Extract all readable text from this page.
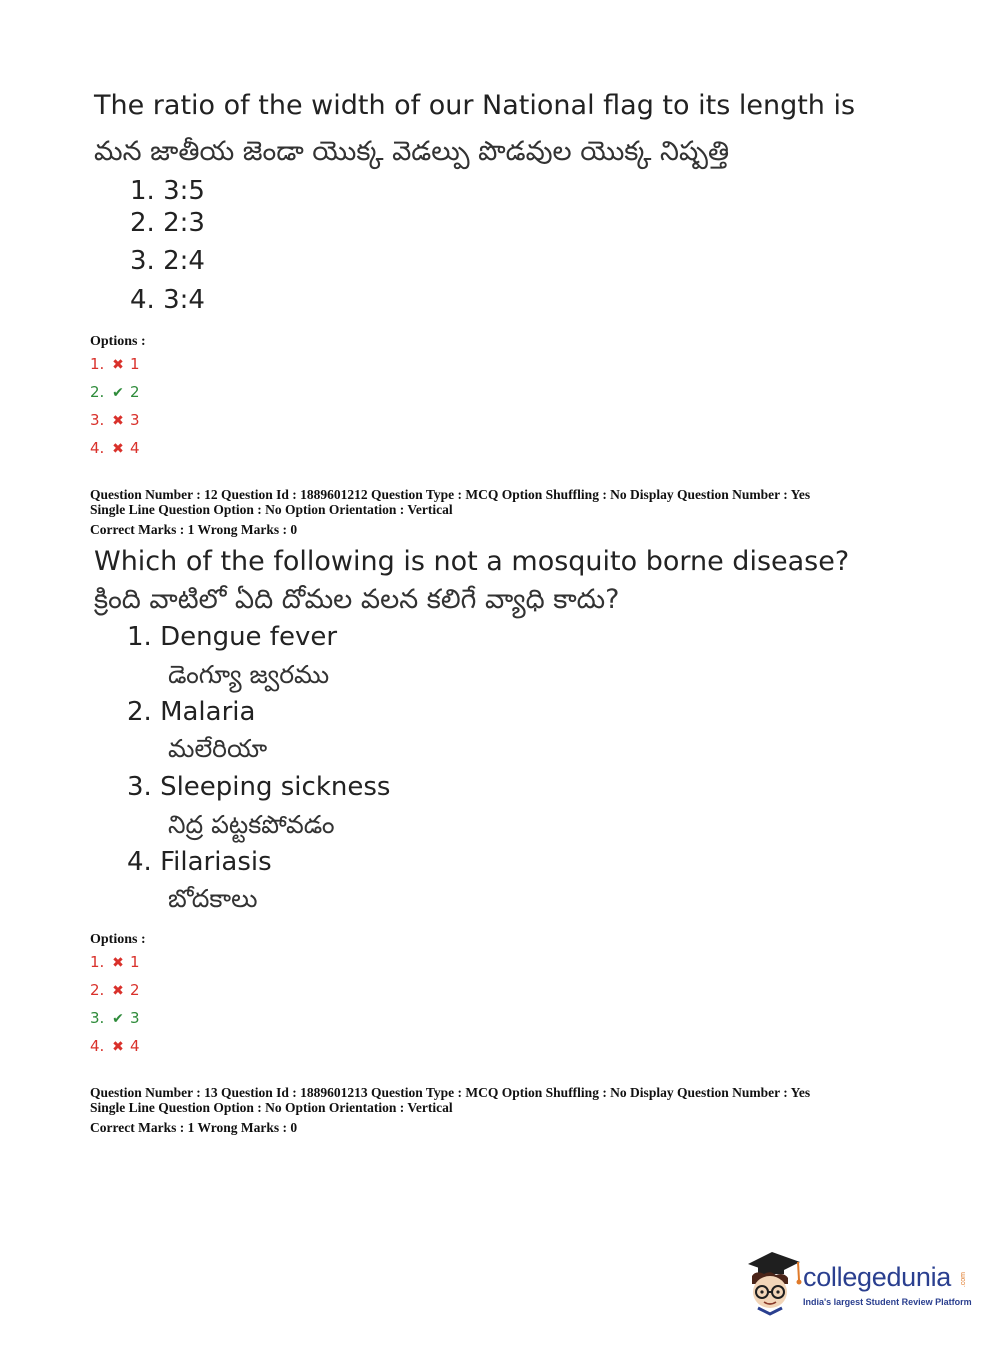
The ratio of the width of our National flag to its length is
మన జాతీయ జెండా యొక్క వెడల్పు పొడవుల యొక్క నిష్పత్తి
1. 3:5
2. 2:3
3. 2:4
4. 3:4
Options :
1. ✖ 1
2. ✔ 2
3. ✖ 3
4. ✖ 4
Question Number : 12 Question Id : 1889601212 Question Type : MCQ Option Shuffling : No Display Question Number : Yes
Single Line Question Option : No Option Orientation : Vertical
Correct Marks : 1 Wrong Marks : 0
Which of the following is not a mosquito borne disease?
క్రింది వాటిలో ఏది దోమల వలన కలిగే వ్యాధి కాదు?
1. Dengue fever
డెంగ్యూ జ్వరము
2. Malaria
మలేరియా
3. Sleeping sickness
నిద్ర పట్టకపోవడం
4. Filariasis
బోదకాలు
Options :
1. ✖ 1
2. ✖ 2
3. ✔ 3
4. ✖ 4
Question Number : 13 Question Id : 1889601213 Question Type : MCQ Option Shuffling : No Display Question Number : Yes
Single Line Question Option : No Option Orientation : Vertical
Correct Marks : 1 Wrong Marks : 0
collegedunia .com
India's largest Student Review Platform
